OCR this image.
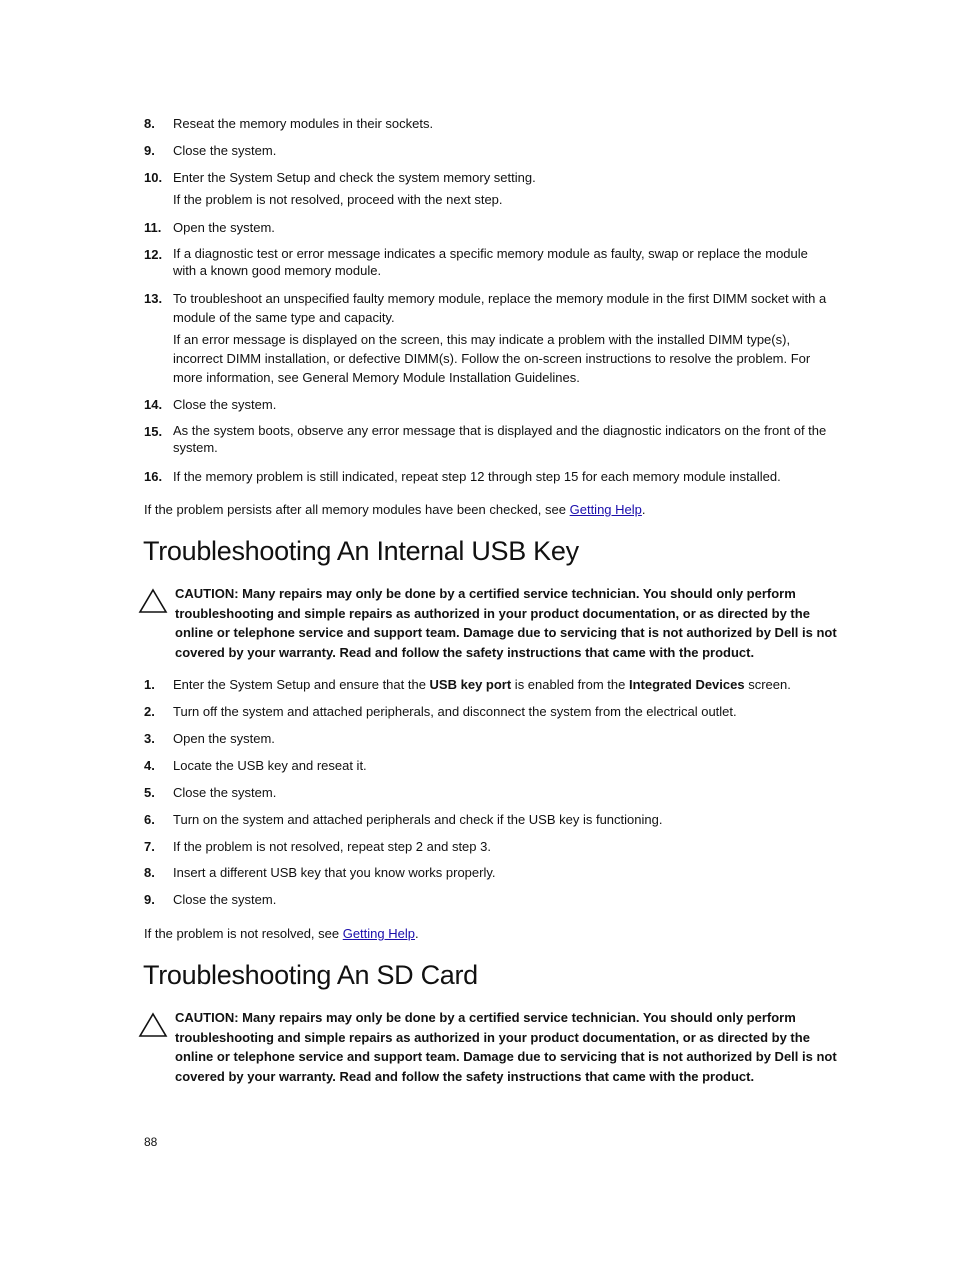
8. Reseat the memory modules in their sockets.

9. Close the system.

10. Enter the System Setup and check the system memory setting.

If the problem is not resolved, proceed with the next step.

11. Open the system.

12. If a diagnostic test or error message indicates a specific memory module as faulty, swap or replace the module with a known good memory module.

13. To troubleshoot an unspecified faulty memory module, replace the memory module in the first DIMM socket with a module of the same type and capacity.

If an error message is displayed on the screen, this may indicate a problem with the installed DIMM type(s), incorrect DIMM installation, or defective DIMM(s). Follow the on-screen instructions to resolve the problem. For more information, see General Memory Module Installation Guidelines.

14. Close the system.

15. As the system boots, observe any error message that is displayed and the diagnostic indicators on the front of the system.

16. If the memory problem is still indicated, repeat step 12 through step 15 for each memory module installed.

If the problem persists after all memory modules have been checked, see Getting Help.
Troubleshooting An Internal USB Key
CAUTION: Many repairs may only be done by a certified service technician. You should only perform troubleshooting and simple repairs as authorized in your product documentation, or as directed by the online or telephone service and support team. Damage due to servicing that is not authorized by Dell is not covered by your warranty. Read and follow the safety instructions that came with the product.
1. Enter the System Setup and ensure that the USB key port is enabled from the Integrated Devices screen.

2. Turn off the system and attached peripherals, and disconnect the system from the electrical outlet.

3. Open the system.

4. Locate the USB key and reseat it.

5. Close the system.

6. Turn on the system and attached peripherals and check if the USB key is functioning.

7. If the problem is not resolved, repeat step 2 and step 3.

8. Insert a different USB key that you know works properly.

9. Close the system.

If the problem is not resolved, see Getting Help.
Troubleshooting An SD Card
CAUTION: Many repairs may only be done by a certified service technician. You should only perform troubleshooting and simple repairs as authorized in your product documentation, or as directed by the online or telephone service and support team. Damage due to servicing that is not authorized by Dell is not covered by your warranty. Read and follow the safety instructions that came with the product.
88
